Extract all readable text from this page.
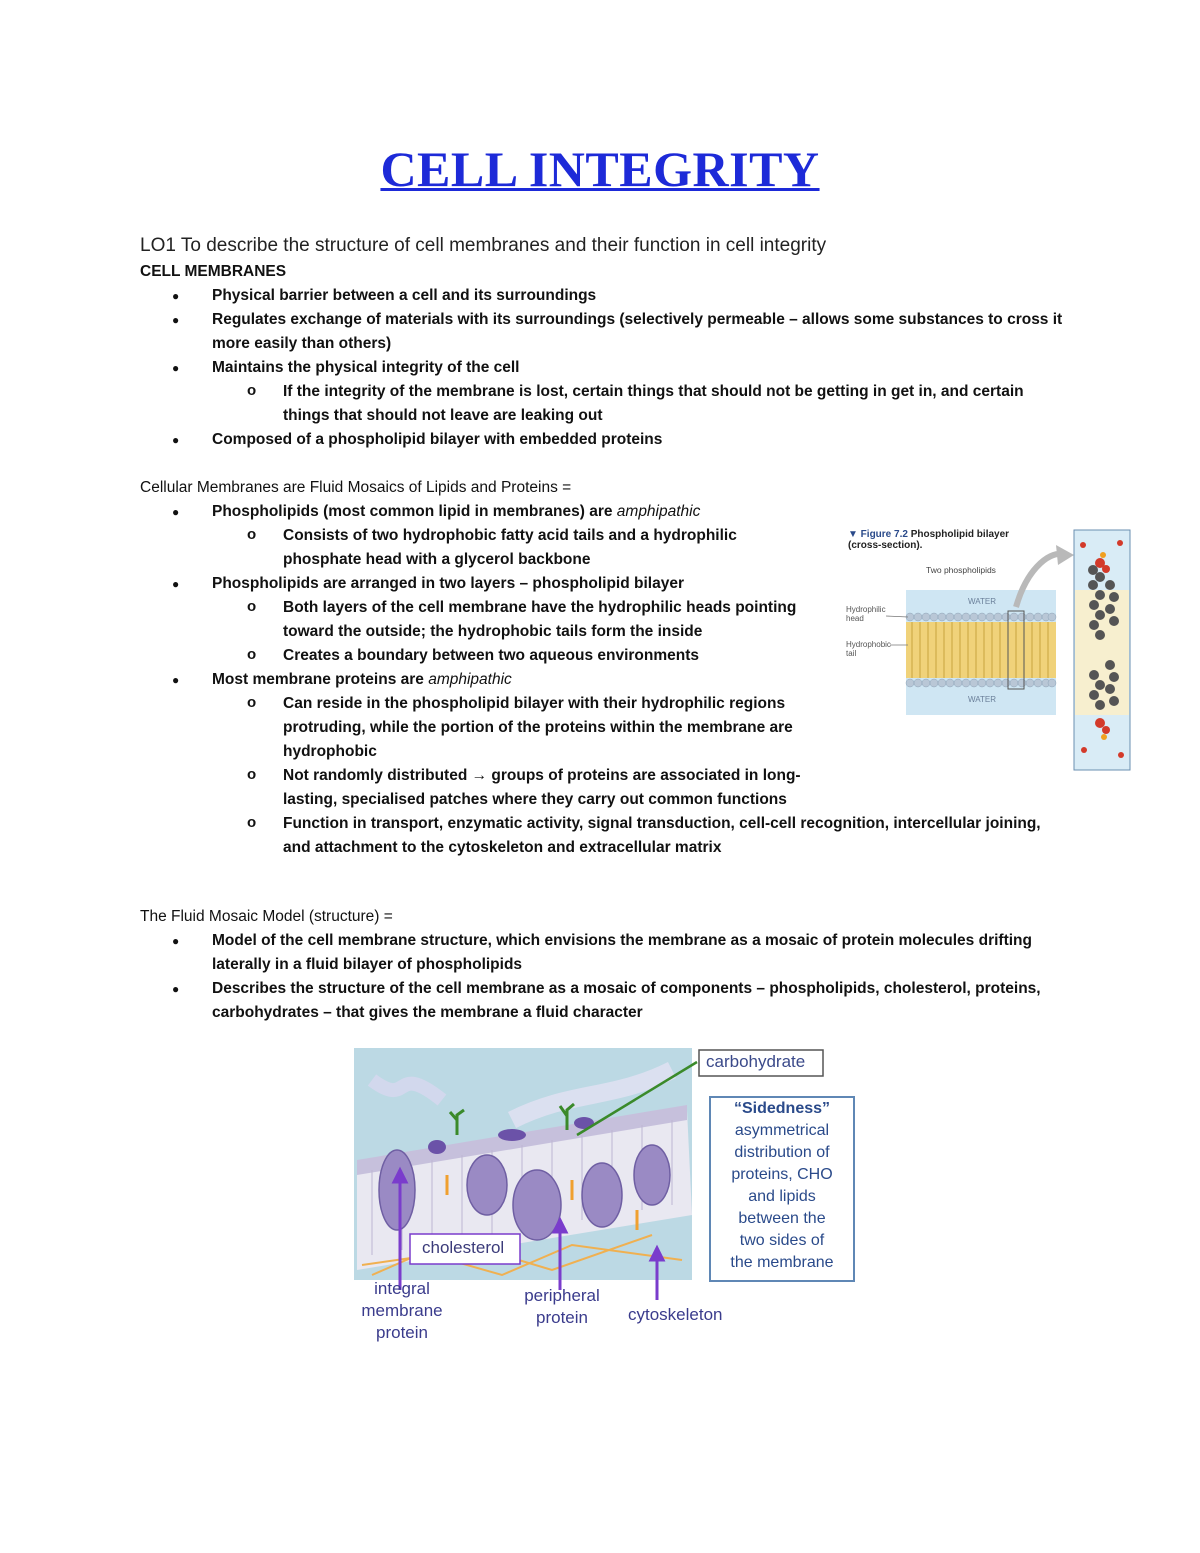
CELL INTEGRITY
LO1 To describe the structure of cell membranes and their function in cell integrity
CELL MEMBRANES
● Physical barrier between a cell and its surroundings
● Regulates exchange of materials with its surroundings (selectively permeable – allows some substances to cross it more easily than others)
● Maintains the physical integrity of the cell
o If the integrity of the membrane is lost, certain things that should not be getting in get in, and certain things that should not leave are leaking out
● Composed of a phospholipid bilayer with embedded proteins
Cellular Membranes are Fluid Mosaics of Lipids and Proteins =
● Phospholipids (most common lipid in membranes) are amphipathic
o Consists of two hydrophobic fatty acid tails and a hydrophilic phosphate head with a glycerol backbone
● Phospholipids are arranged in two layers – phospholipid bilayer
o Both layers of the cell membrane have the hydrophilic heads pointing toward the outside; the hydrophobic tails form the inside
o Creates a boundary between two aqueous environments
● Most membrane proteins are amphipathic
o Can reside in the phospholipid bilayer with their hydrophilic regions protruding, while the portion of the proteins within the membrane are hydrophobic
o Not randomly distributed → groups of proteins are associated in long-lasting, specialised patches where they carry out common functions
o Function in transport, enzymatic activity, signal transduction, cell-cell recognition, intercellular joining, and attachment to the cytoskeleton and extracellular matrix
The Fluid Mosaic Model (structure) =
● Model of the cell membrane structure, which envisions the membrane as a mosaic of protein molecules drifting laterally in a fluid bilayer of phospholipids
● Describes the structure of the cell membrane as a mosaic of components – phospholipids, cholesterol, proteins, carbohydrates – that gives the membrane a fluid character
▼ Figure 7.2 Phospholipid bilayer
(cross-section).
Two phospholipids
WATER
WATER
Hydrophilic head
Hydrophobic tail
carbohydrate
“Sidedness”
asymmetrical
distribution of
proteins, CHO
and lipids
between the
two sides of
the membrane
cholesterol
integral
membrane
protein
peripheral
protein	cytoskeleton
